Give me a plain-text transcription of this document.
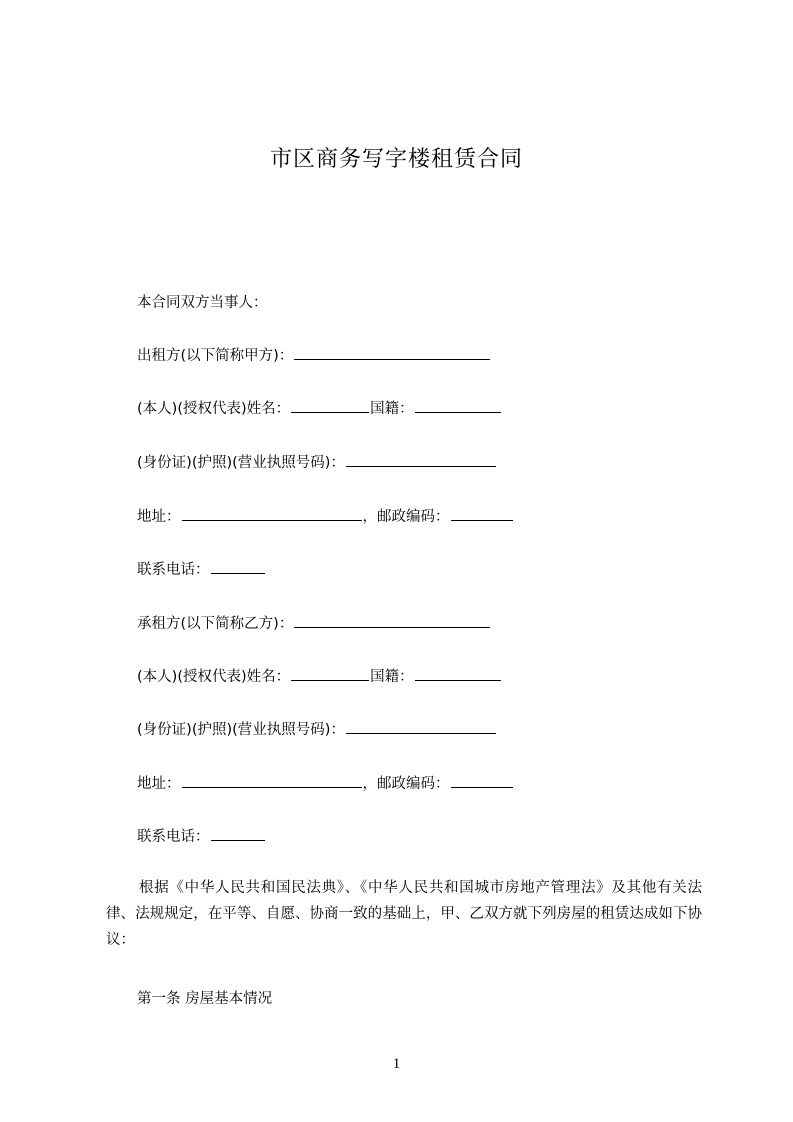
市区商务写字楼租赁合同
本合同双方当事人：
出租方(以下简称甲方)：
(本人)(授权代表)姓名：	国籍：
(身份证)(护照)(营业执照号码)：
地址：	，邮政编码：
联系电话：
承租方(以下简称乙方)：
(本人)(授权代表)姓名：	国籍：
(身份证)(护照)(营业执照号码)：
地址：	，邮政编码：
联系电话：

根据《中华人民共和国民法典》、《中华人民共和国城市房地产管理法》及其他有关法律、法规规定，在平等、自愿、协商一致的基础上，甲、乙双方就下列房屋的租赁达成如下协议：

第一条 房屋基本情况
1
